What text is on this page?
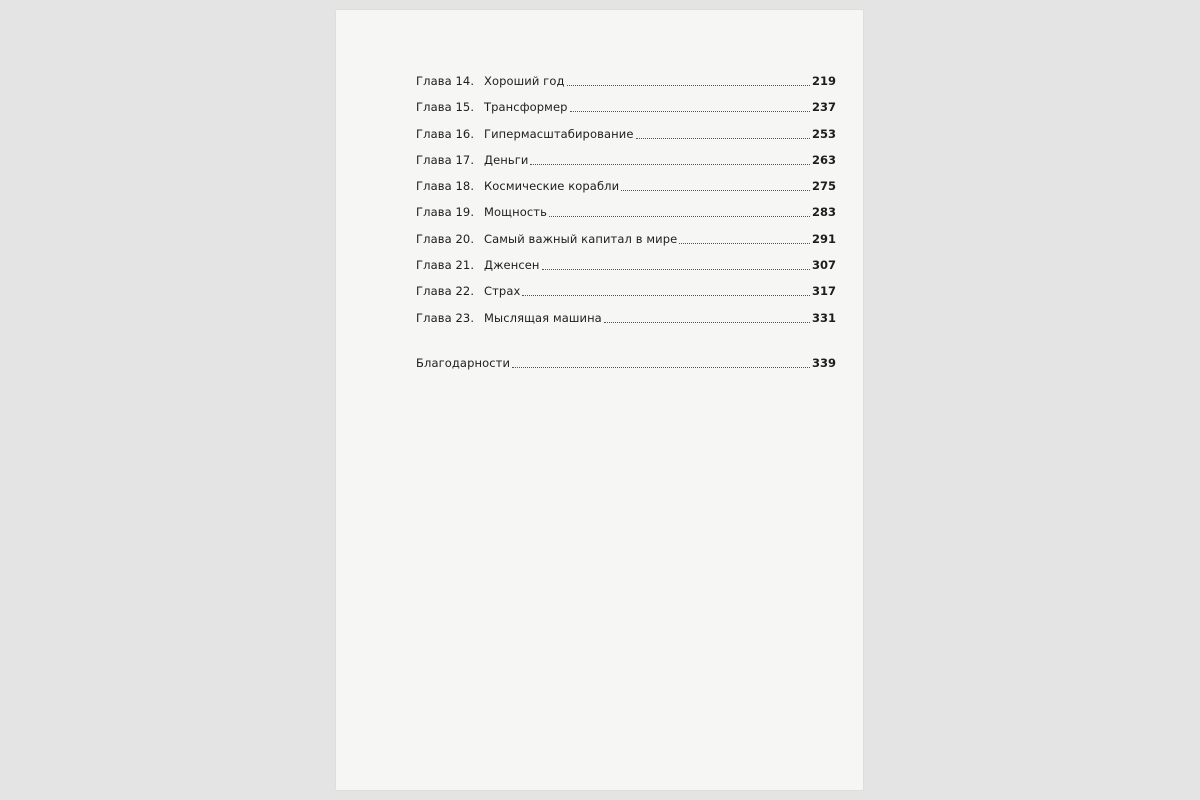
Глава 14. Хороший год	219
Глава 15. Трансформер	237
Глава 16. Гипермасштабирование	253
Глава 17. Деньги	263
Глава 18. Космические корабли	275
Глава 19. Мощность	283
Глава 20. Самый важный капитал в мире	291
Глава 21. Дженсен	307
Глава 22. Страх	317
Глава 23. Мыслящая машина	331
Благодарности	339
